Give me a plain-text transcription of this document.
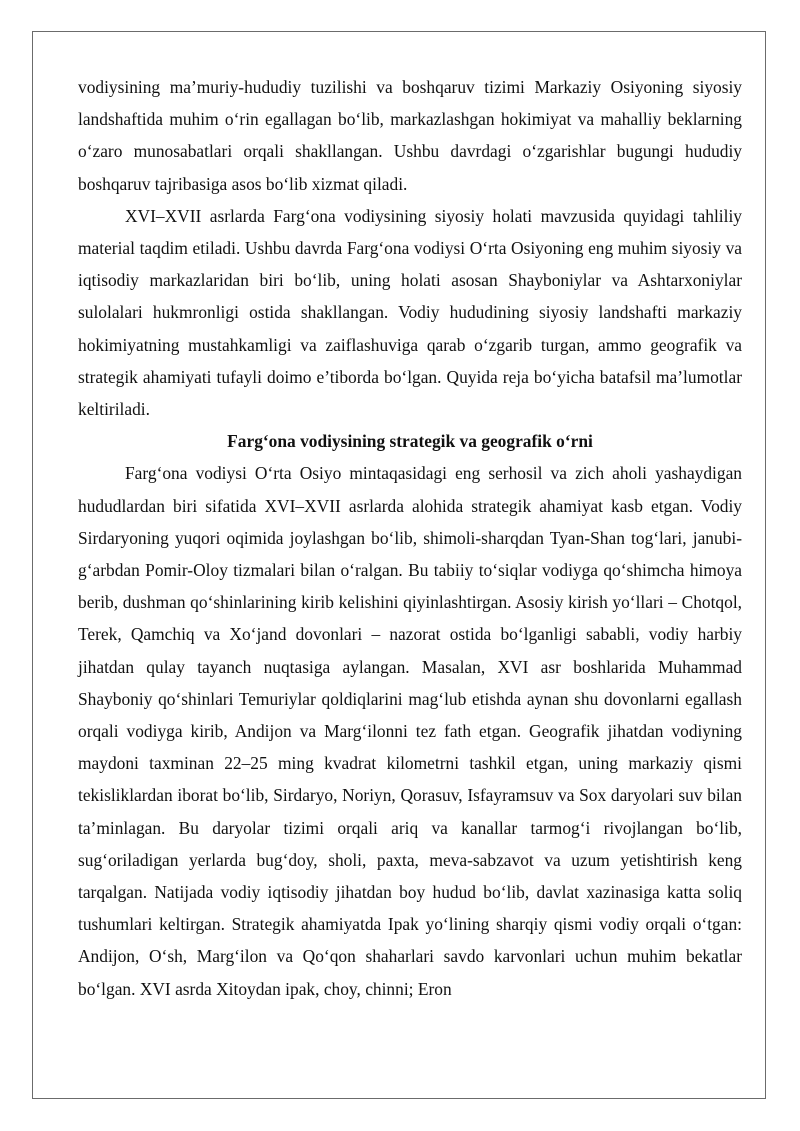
vodiysining ma’muriy-hududiy tuzilishi va boshqaruv tizimi Markaziy Osiyoning siyosiy landshaftida muhim o‘rin egallagan bo‘lib, markazlashgan hokimiyat va mahalliy beklarning o‘zaro munosabatlari orqali shakllangan. Ushbu davrdagi o‘zgarishlar bugungi hududiy boshqaruv tajribasiga asos bo‘lib xizmat qiladi.

XVI–XVII asrlarda Farg‘ona vodiysining siyosiy holati mavzusida quyidagi tahliliy material taqdim etiladi. Ushbu davrda Farg‘ona vodiysi O‘rta Osiyoning eng muhim siyosiy va iqtisodiy markazlaridan biri bo‘lib, uning holati asosan Shayboniylar va Ashtarxoniylar sulolalari hukmronligi ostida shakllangan. Vodiy hududining siyosiy landshafti markaziy hokimiyatning mustahkamligi va zaiflashuviga qarab o‘zgarib turgan, ammo geografik va strategik ahamiyati tufayli doimo e’tiborda bo‘lgan. Quyida reja bo‘yicha batafsil ma’lumotlar keltiriladi.

Farg‘ona vodiysining strategik va geografik o‘rni

Farg‘ona vodiysi O‘rta Osiyo mintaqasidagi eng serhosil va zich aholi yashaydigan hududlardan biri sifatida XVI–XVII asrlarda alohida strategik ahamiyat kasb etgan. Vodiy Sirdaryoning yuqori oqimida joylashgan bo‘lib, shimoli-sharqdan Tyan-Shan tog‘lari, janubi-g‘arbdan Pomir-Oloy tizmalari bilan o‘ralgan. Bu tabiiy to‘siqlar vodiyga qo‘shimcha himoya berib, dushman qo‘shinlarining kirib kelishini qiyinlashtirgan. Asosiy kirish yo‘llari – Chotqol, Terek, Qamchiq va Xo‘jand dovonlari – nazorat ostida bo‘lganligi sababli, vodiy harbiy jihatdan qulay tayanch nuqtasiga aylangan. Masalan, XVI asr boshlarida Muhammad Shayboniy qo‘shinlari Temuriylar qoldiqlarini mag‘lub etishda aynan shu dovonlarni egallash orqali vodiyga kirib, Andijon va Marg‘ilonni tez fath etgan. Geografik jihatdan vodiyning maydoni taxminan 22–25 ming kvadrat kilometrni tashkil etgan, uning markaziy qismi tekisliklardan iborat bo‘lib, Sirdaryo, Noriyn, Qorasuv, Isfayramsuv va Sox daryolari suv bilan ta’minlagan. Bu daryolar tizimi orqali ariq va kanallar tarmog‘i rivojlangan bo‘lib, sug‘oriladigan yerlarda bug‘doy, sholi, paxta, meva-sabzavot va uzum yetishtirish keng tarqalgan. Natijada vodiy iqtisodiy jihatdan boy hudud bo‘lib, davlat xazinasiga katta soliq tushumlari keltirgan. Strategik ahamiyatda Ipak yo‘lining sharqiy qismi vodiy orqali o‘tgan: Andijon, O‘sh, Marg‘ilon va Qo‘qon shaharlari savdo karvonlari uchun muhim bekatlar bo‘lgan. XVI asrda Xitoydan ipak, choy, chinni; Eron
